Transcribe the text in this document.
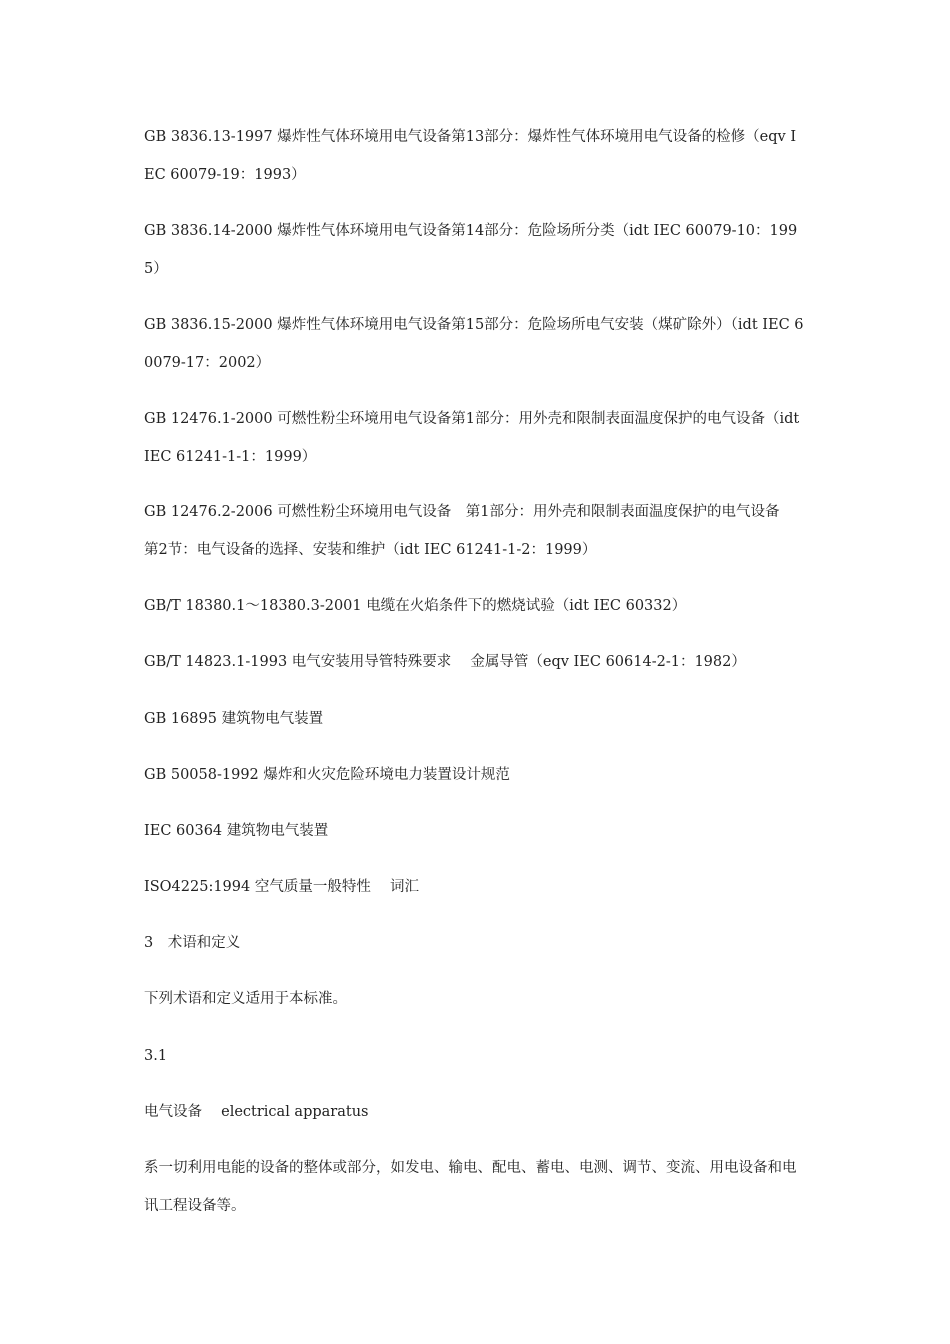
GB 3836.13-1997 爆炸性气体环境用电气设备第13部分：爆炸性气体环境用电气设备的检修（eqv IEC 60079-19：1993）

GB 3836.14-2000 爆炸性气体环境用电气设备第14部分：危险场所分类（idt IEC 60079-10：1995）

GB 3836.15-2000 爆炸性气体环境用电气设备第15部分：危险场所电气安装（煤矿除外）（idt IEC 60079-17：2002）

GB 12476.1-2000 可燃性粉尘环境用电气设备第1部分：用外壳和限制表面温度保护的电气设备（idt IEC 61241-1-1：1999）

GB 12476.2-2006 可燃性粉尘环境用电气设备　第1部分：用外壳和限制表面温度保护的电气设备　第2节：电气设备的选择、安装和维护（idt IEC 61241-1-2：1999）

GB/T 18380.1～18380.3-2001 电缆在火焰条件下的燃烧试验（idt IEC 60332）

GB/T 14823.1-1993 电气安装用导管特殊要求　 金属导管（eqv IEC 60614-2-1：1982）

GB 16895 建筑物电气装置

GB 50058-1992 爆炸和火灾危险环境电力装置设计规范

IEC 60364 建筑物电气装置

ISO4225:1994 空气质量一般特性　 词汇

3　术语和定义

下列术语和定义适用于本标准。

3.1

电气设备　 electrical apparatus

系一切利用电能的设备的整体或部分，如发电、输电、配电、蓄电、电测、调节、变流、用电设备和电讯工程设备等。
